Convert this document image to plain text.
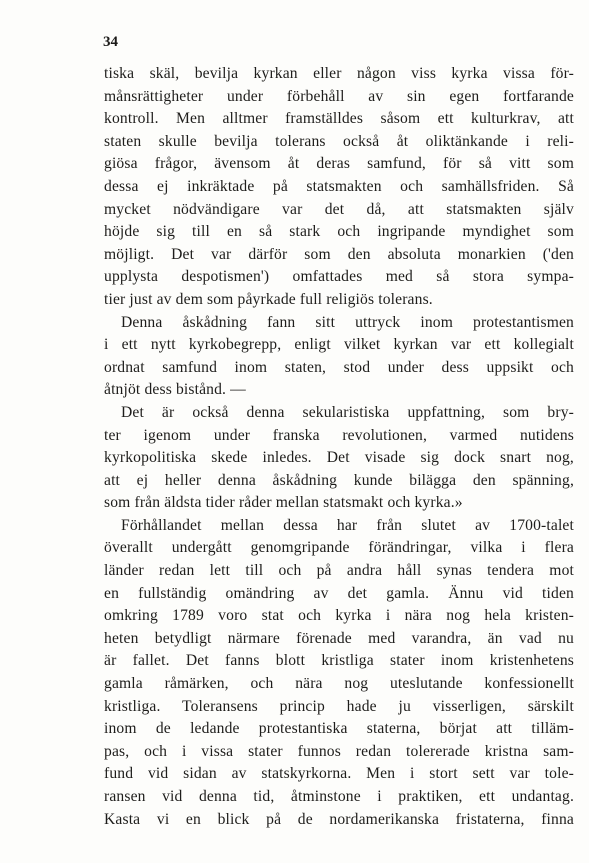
34
tiska skäl, bevilja kyrkan eller någon viss kyrka vissa för-
månsrättigheter under förbehåll av sin egen fortfarande
kontroll. Men alltmer framställdes såsom ett kulturkrav, att
staten skulle bevilja tolerans också åt oliktänkande i reli-
giösa frågor, ävensom åt deras samfund, för så vitt som
dessa ej inkräktade på statsmakten och samhällsfriden. Så
mycket nödvändigare var det då, att statsmakten själv
höjde sig till en så stark och ingripande myndighet som
möjligt. Det var därför som den absoluta monarkien ('den
upplysta despotismen') omfattades med så stora sympa-
tier just av dem som påyrkade full religiös tolerans.
Denna åskådning fann sitt uttryck inom protestantismen
i ett nytt kyrkobegrepp, enligt vilket kyrkan var ett kollegialt
ordnat samfund inom staten, stod under dess uppsikt och
åtnjöt dess bistånd. —
Det är också denna sekularistiska uppfattning, som bry-
ter igenom under franska revolutionen, varmed nutidens
kyrkopolitiska skede inledes. Det visade sig dock snart nog,
att ej heller denna åskådning kunde bilägga den spänning,
som från äldsta tider råder mellan statsmakt och kyrka.»
Förhållandet mellan dessa har från slutet av 1700-talet
överallt undergått genomgripande förändringar, vilka i flera
länder redan lett till och på andra håll synas tendera mot
en fullständig omändring av det gamla. Ännu vid tiden
omkring 1789 voro stat och kyrka i nära nog hela kristen-
heten betydligt närmare förenade med varandra, än vad nu
är fallet. Det fanns blott kristliga stater inom kristenhetens
gamla råmärken, och nära nog uteslutande konfessionellt
kristliga. Toleransens princip hade ju visserligen, särskilt
inom de ledande protestantiska staterna, börjat att tilläm-
pas, och i vissa stater funnos redan tolererade kristna sam-
fund vid sidan av statskyrkorna. Men i stort sett var tole-
ransen vid denna tid, åtminstone i praktiken, ett undantag.
Kasta vi en blick på de nordamerikanska fristaterna, finna
